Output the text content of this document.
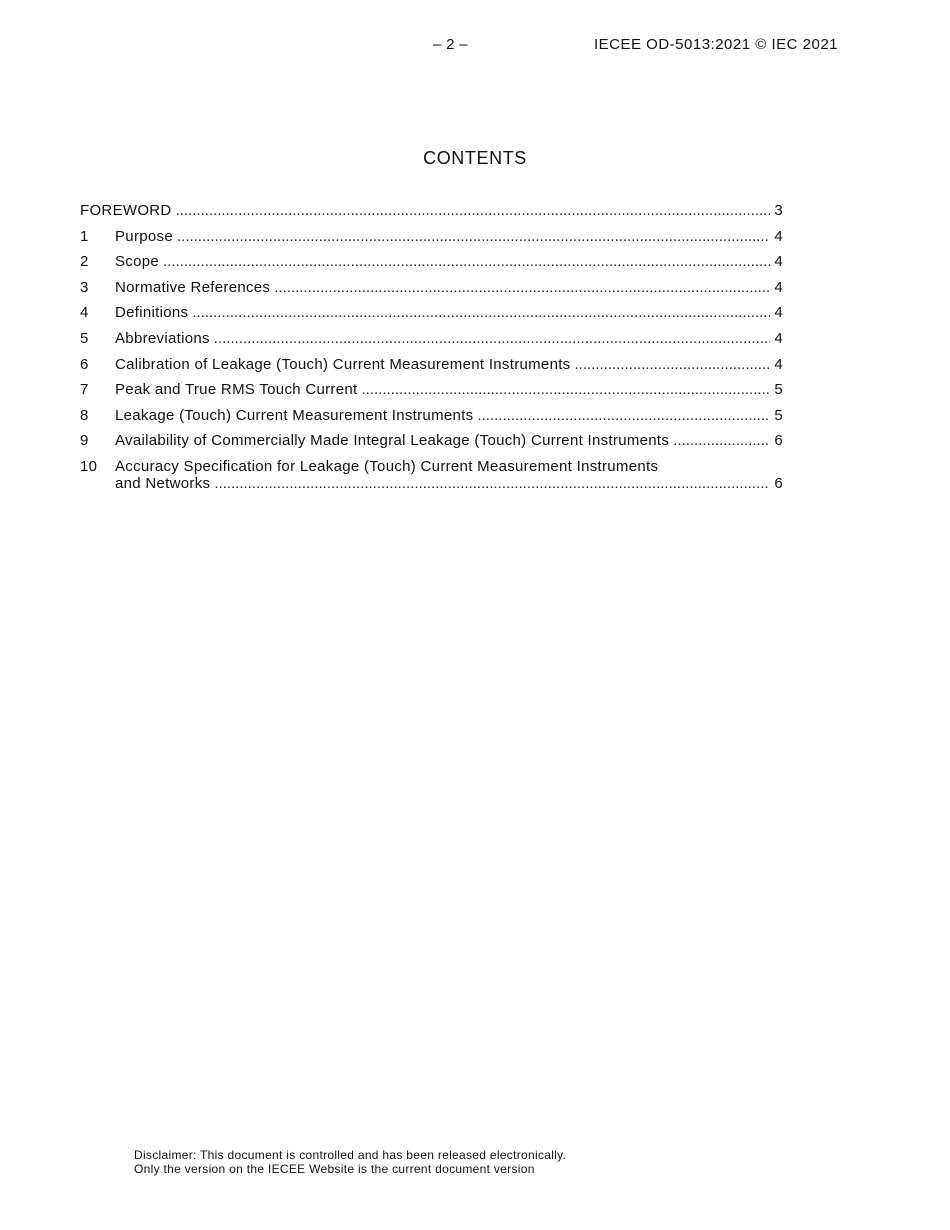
– 2 –	IECEE OD-5013:2021 © IEC 2021
CONTENTS
FOREWORD .....	3
1 Purpose .....	4
2 Scope .....	4
3 Normative References .....	4
4 Definitions .....	4
5 Abbreviations .....	4
6 Calibration of Leakage (Touch) Current Measurement Instruments .....	4
7 Peak and True RMS Touch Current .....	5
8 Leakage (Touch) Current Measurement Instruments .....	5
9 Availability of Commercially Made Integral Leakage (Touch) Current Instruments .....	6
10 Accuracy Specification for Leakage (Touch) Current Measurement Instruments
and Networks .....	6
Disclaimer: This document is controlled and has been released electronically.
Only the version on the IECEE Website is the current document version
